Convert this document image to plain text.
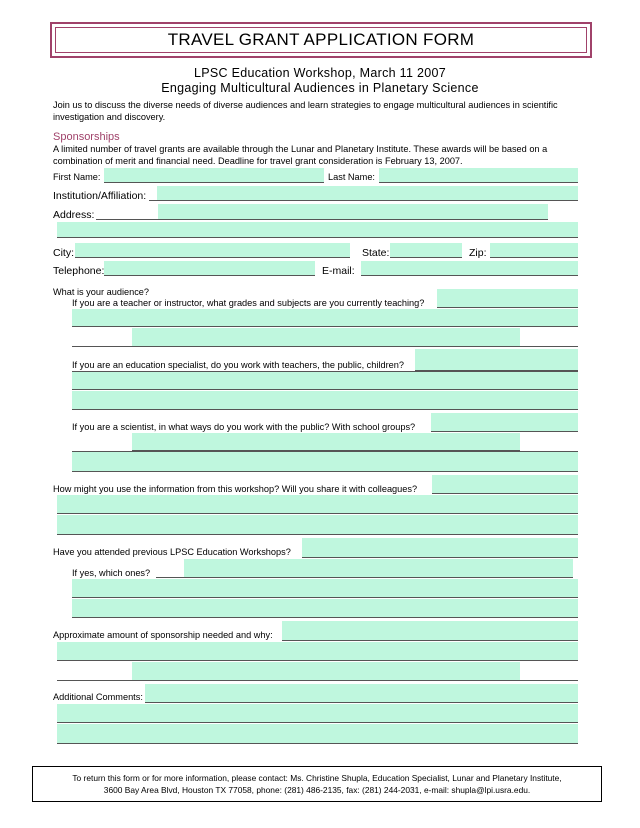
TRAVEL GRANT APPLICATION FORM
LPSC Education Workshop, March 11 2007
Engaging Multicultural Audiences in Planetary Science
Join us to discuss the diverse needs of diverse audiences and learn strategies to engage multicultural audiences in scientific investigation and discovery.
Sponsorships
A limited number of travel grants are available through the Lunar and Planetary Institute. These awards will be based on a combination of merit and financial need. Deadline for travel grant consideration is February 13, 2007.
First Name:	Last Name:
Institution/Affiliation:
Address:
City:	State:	Zip:
Telephone:	E-mail:
What is your audience?
If you are a teacher or instructor, what grades and subjects are you currently teaching?
If you are an education specialist, do you work with teachers, the public, children?
If you are a scientist, in what ways do you work with the public? With school groups?
How might you use the information from this workshop? Will you share it with colleagues?
Have you attended previous LPSC Education Workshops?
If yes, which ones?
Approximate amount of sponsorship needed and why:
Additional Comments:
To return this form or for more information, please contact: Ms. Christine Shupla, Education Specialist, Lunar and Planetary Institute,
3600 Bay Area Blvd, Houston TX 77058, phone: (281) 486-2135, fax: (281) 244-2031, e-mail: shupla@lpi.usra.edu.
